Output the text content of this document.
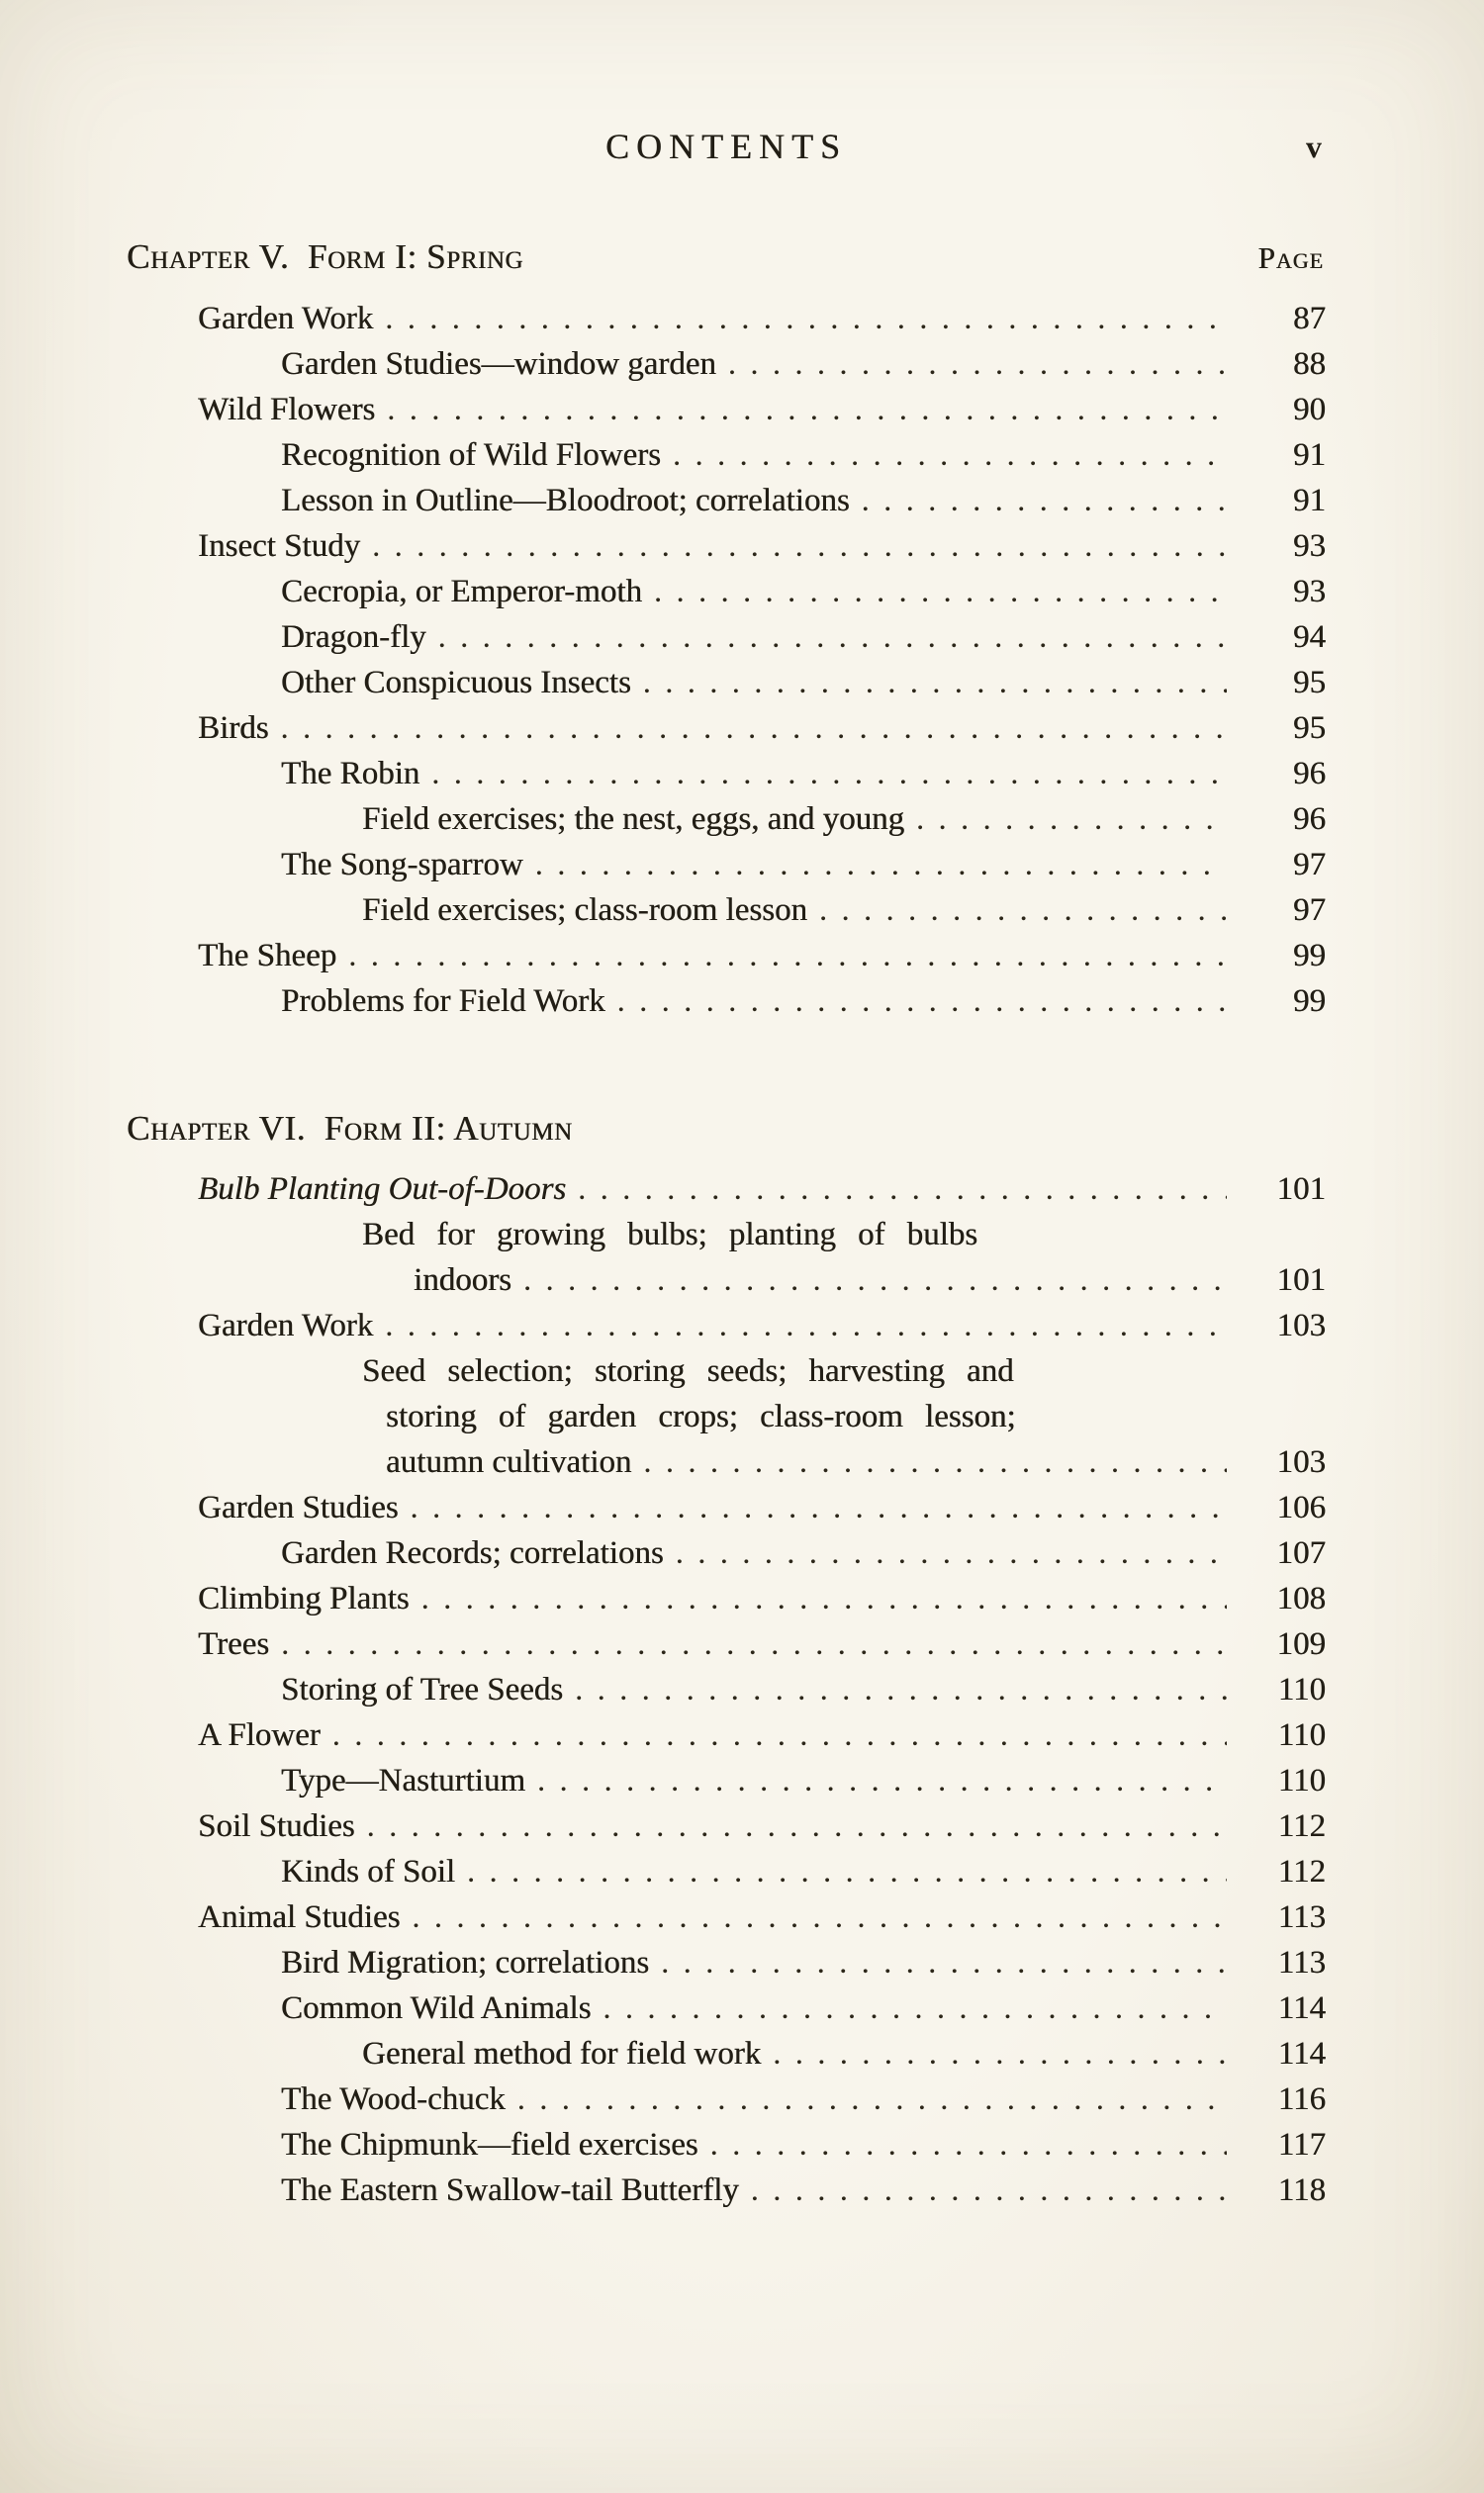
CONTENTS	v
Chapter V.  Form I: Spring	Page
Garden Work . . .	87
Garden Studies—window garden . . .	88
Wild Flowers . . .	90
Recognition of Wild Flowers . . .	91
Lesson in Outline—Bloodroot; correlations . . .	91
Insect Study . . .	93
Cecropia, or Emperor-moth . . .	93
Dragon-fly . . .	94
Other Conspicuous Insects . . .	95
Birds . . .	95
The Robin . . .	96
Field exercises; the nest, eggs, and young . . .	96
The Song-sparrow . . .	97
Field exercises; class-room lesson . . .	97
The Sheep . . .	99
Problems for Field Work . . .	99
Chapter VI.  Form II: Autumn
Bulb Planting Out-of-Doors . . .	101
Bed for growing bulbs; planting of bulbs
indoors . . .	101
Garden Work . . .	103
Seed selection; storing seeds; harvesting and
storing of garden crops; class-room lesson;
autumn cultivation . . .	103
Garden Studies . . .	106
Garden Records; correlations . . .	107
Climbing Plants . . .	108
Trees . . .	109
Storing of Tree Seeds . . .	110
A Flower . . .	110
Type—Nasturtium . . .	110
Soil Studies . . .	112
Kinds of Soil . . .	112
Animal Studies . . .	113
Bird Migration; correlations . . .	113
Common Wild Animals . . .	114
General method for field work . . .	114
The Wood-chuck . . .	116
The Chipmunk—field exercises . . .	117
The Eastern Swallow-tail Butterfly . . .	118
